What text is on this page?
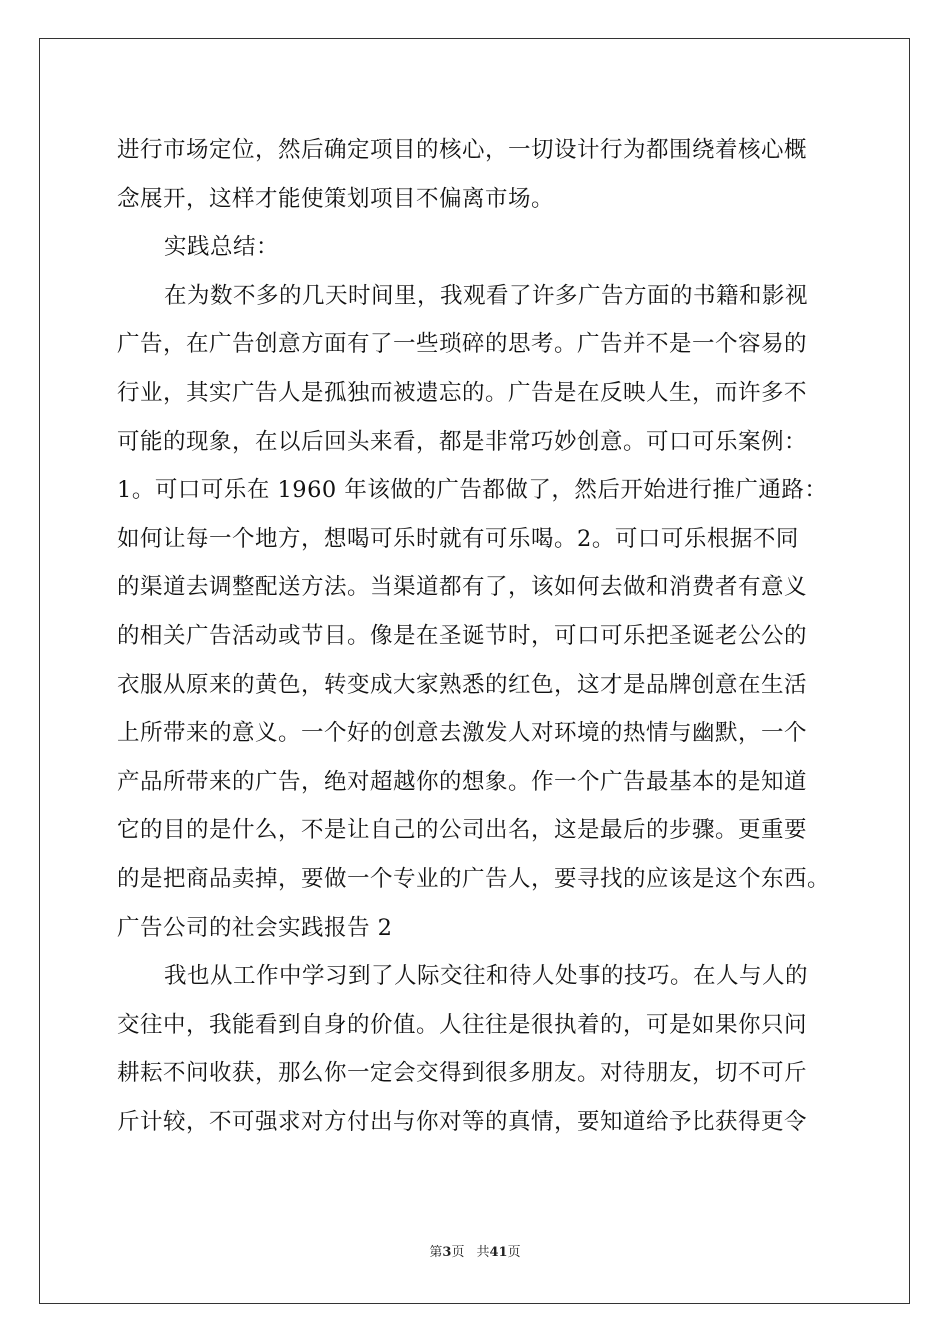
进行市场定位，然后确定项目的核心，一切设计行为都围绕着核心概
念展开，这样才能使策划项目不偏离市场。
实践总结：
在为数不多的几天时间里，我观看了许多广告方面的书籍和影视
广告，在广告创意方面有了一些琐碎的思考。广告并不是一个容易的
行业，其实广告人是孤独而被遗忘的。广告是在反映人生，而许多不
可能的现象，在以后回头来看，都是非常巧妙创意。可口可乐案例：
1。可口可乐在 1960 年该做的广告都做了，然后开始进行推广通路：
如何让每一个地方，想喝可乐时就有可乐喝。2。可口可乐根据不同
的渠道去调整配送方法。当渠道都有了，该如何去做和消费者有意义
的相关广告活动或节目。像是在圣诞节时，可口可乐把圣诞老公公的
衣服从原来的黄色，转变成大家熟悉的红色，这才是品牌创意在生活
上所带来的意义。一个好的创意去激发人对环境的热情与幽默，一个
产品所带来的广告，绝对超越你的想象。作一个广告最基本的是知道
它的目的是什么，不是让自己的公司出名，这是最后的步骤。更重要
的是把商品卖掉，要做一个专业的广告人，要寻找的应该是这个东西。
广告公司的社会实践报告 2
我也从工作中学习到了人际交往和待人处事的技巧。在人与人的
交往中，我能看到自身的价值。人往往是很执着的，可是如果你只问
耕耘不问收获，那么你一定会交得到很多朋友。对待朋友，切不可斤
斤计较，不可强求对方付出与你对等的真情，要知道给予比获得更令
第3页 共41页
